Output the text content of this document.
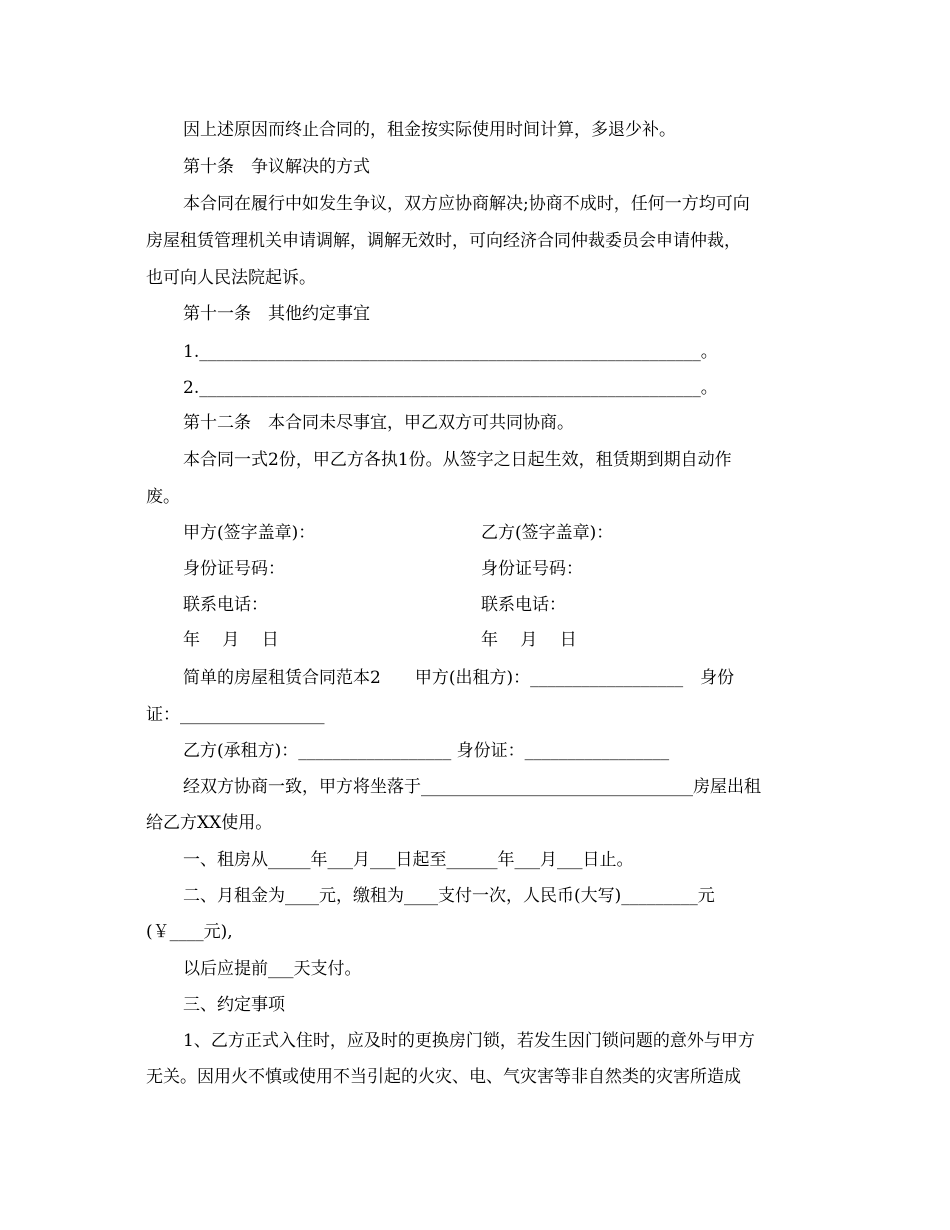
因上述原因而终止合同的，租金按实际使用时间计算，多退少补。
第十条　争议解决的方式
本合同在履行中如发生争议，双方应协商解决;协商不成时，任何一方均可向
房屋租赁管理机关申请调解，调解无效时，可向经济合同仲裁委员会申请仲裁，
也可向人民法院起诉。
第十一条　其他约定事宜
1.___________________________________________________________。
2.___________________________________________________________。
第十二条　本合同未尽事宜，甲乙双方可共同协商。
本合同一式2份，甲乙方各执1份。从签字之日起生效，租赁期到期自动作
废。
甲方(签字盖章)：	乙方(签字盖章)：
身份证号码：	身份证号码：
联系电话：	联系电话：
年　 月　 日	年　 月　 日
简单的房屋租赁合同范本2　　甲方(出租方)：__________________　身份
证：_________________
乙方(承租方)：__________________ 身份证：_________________
经双方协商一致，甲方将坐落于________________________________房屋出租
给乙方XX使用。
一、租房从_____年___月___日起至______年___月___日止。
二、月租金为____元，缴租为____支付一次，人民币(大写)_________元
(￥____元),
以后应提前___天支付。
三、约定事项
1、乙方正式入住时，应及时的更换房门锁，若发生因门锁问题的意外与甲方
无关。因用火不慎或使用不当引起的火灾、电、气灾害等非自然类的灾害所造成
